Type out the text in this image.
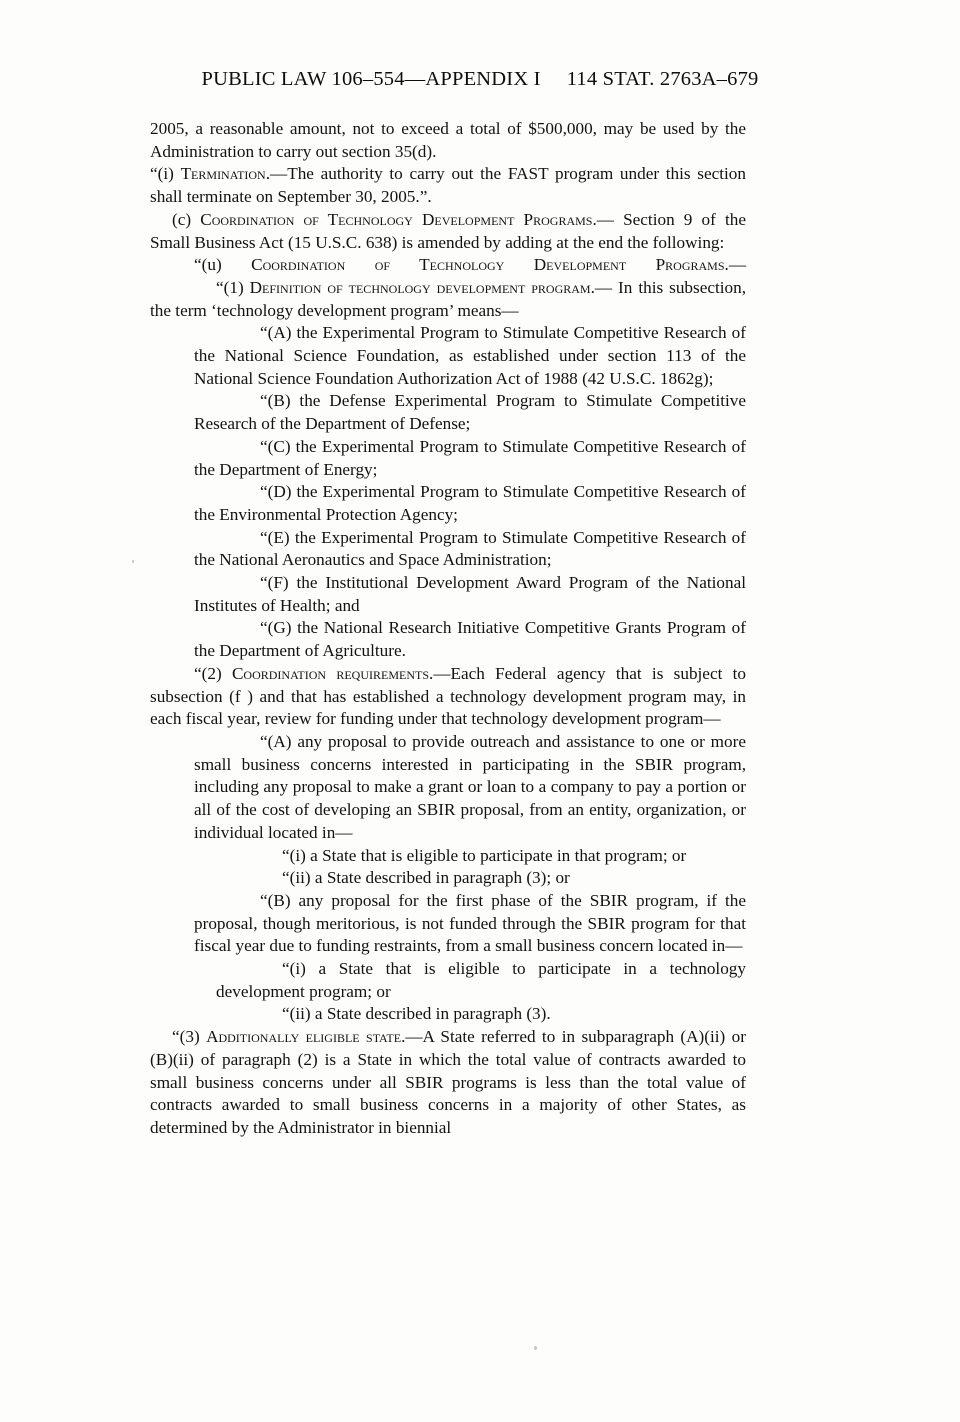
PUBLIC LAW 106–554—APPENDIX I 114 STAT. 2763A–679

2005, a reasonable amount, not to exceed a total of $500,000, may be used by the Administration to carry out section 35(d).

“(i) Termination.—The authority to carry out the FAST program under this section shall terminate on September 30, 2005.”.

(c) Coordination of Technology Development Programs.— Section 9 of the Small Business Act (15 U.S.C. 638) is amended by adding at the end the following:

“(u) Coordination of Technology Development Programs.—

“(1) Definition of technology development program.— In this subsection, the term ‘technology development program’ means—

“(A) the Experimental Program to Stimulate Competitive Research of the National Science Foundation, as established under section 113 of the National Science Foundation Authorization Act of 1988 (42 U.S.C. 1862g);

“(B) the Defense Experimental Program to Stimulate Competitive Research of the Department of Defense;

“(C) the Experimental Program to Stimulate Competitive Research of the Department of Energy;

“(D) the Experimental Program to Stimulate Competitive Research of the Environmental Protection Agency;

“(E) the Experimental Program to Stimulate Competitive Research of the National Aeronautics and Space Administration;

“(F) the Institutional Development Award Program of the National Institutes of Health; and

“(G) the National Research Initiative Competitive Grants Program of the Department of Agriculture.

“(2) Coordination requirements.—Each Federal agency that is subject to subsection (f ) and that has established a technology development program may, in each fiscal year, review for funding under that technology development program—

“(A) any proposal to provide outreach and assistance to one or more small business concerns interested in participating in the SBIR program, including any proposal to make a grant or loan to a company to pay a portion or all of the cost of developing an SBIR proposal, from an entity, organization, or individual located in—

“(i) a State that is eligible to participate in that program; or

“(ii) a State described in paragraph (3); or

“(B) any proposal for the first phase of the SBIR program, if the proposal, though meritorious, is not funded through the SBIR program for that fiscal year due to funding restraints, from a small business concern located in—

“(i) a State that is eligible to participate in a technology development program; or

“(ii) a State described in paragraph (3).

“(3) Additionally eligible state.—A State referred to in subparagraph (A)(ii) or (B)(ii) of paragraph (2) is a State in which the total value of contracts awarded to small business concerns under all SBIR programs is less than the total value of contracts awarded to small business concerns in a majority of other States, as determined by the Administrator in biennial
